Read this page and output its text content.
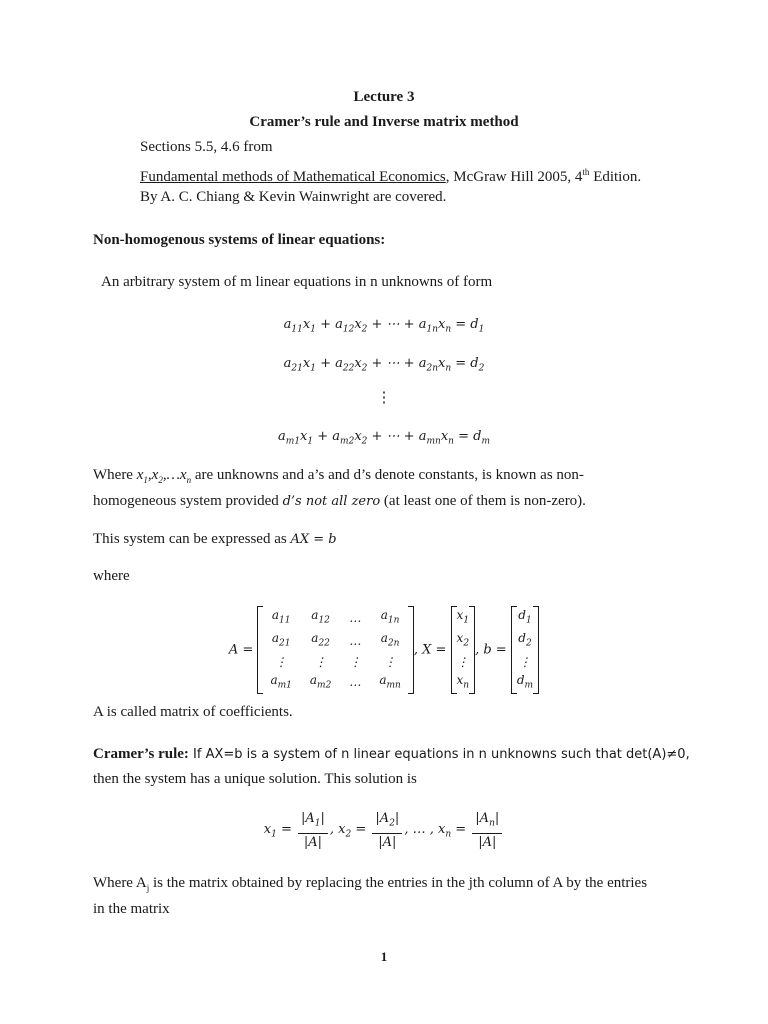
Lecture 3
Cramer’s rule and Inverse matrix method
Sections 5.5, 4.6 from
Fundamental methods of Mathematical Economics, McGraw Hill 2005, 4th Edition.
By A. C. Chiang & Kevin Wainwright are covered.
Non-homogenous systems of linear equations:
An arbitrary system of m linear equations in n unknowns of form
$a_{11}x_1 + a_{12}x_2$ + ⋯ + $a_{1n}x_n = d_1$
$a_{21}x_1 + a_{22}x_2$ + ⋯ + $a_{2n}x_n = d_2$
⋮
$a_{m1}x_1 + a_{m2}x_2$ + ⋯ + $a_{mn}x_n = d_m$
Where $x_1,x_2,\dots x_n$ are unknowns and a’s and d’s denote constants, is known as non-
homogeneous system provided d’s not all zero (at least one of them is non-zero).
This system can be expressed as AX = b
where
A =
$a_{11}$	$a_{12}$	…	$a_{1n}$
$a_{21}$	$a_{22}$	…	$a_{2n}$
⋮	⋮	⋮	⋮
$a_{m1}$	$a_{m2}$	…	$a_{mn}$
, X =
$x_1$
$x_2$
⋮
$x_n$
, b =
$d_1$
$d_2$
⋮
$d_m$
A is called matrix of coefficients.
Cramer’s rule: If AX=b is a system of n linear equations in n unknowns such that det(A)≠0,
then the system has a unique solution. This solution is
$x_1 = \frac{|A_1|}{|A|}$ , $x_2 = \frac{|A_2|}{|A|}$ , … , $x_n = \frac{|A_n|}{|A|}$
Where $A_j$ is the matrix obtained by replacing the entries in the jth column of A by the entries
in the matrix
1
